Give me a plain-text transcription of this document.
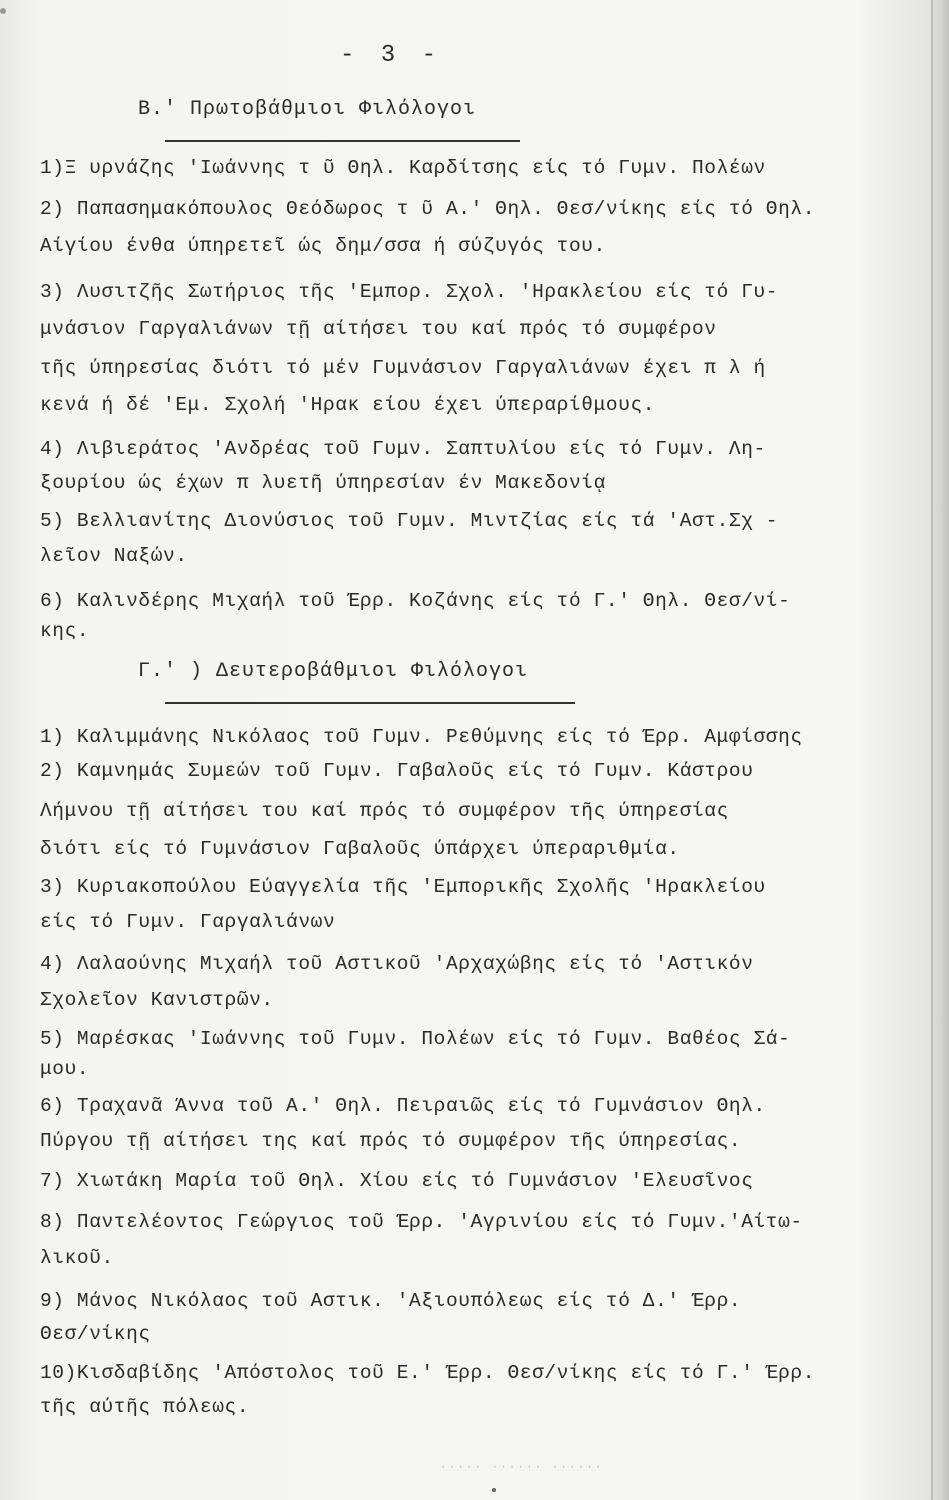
- 3 -
Β.' Πρωτοβάθμιοι Φιλόλογοι
1)Ξ υρνάζης 'Ιωάννης τ ῦ Θηλ. Καρδίτσης είς τό Γυμν. Πολέων
2) Παπασημακόπουλος Θεόδωρος τ ῦ Α.' Θηλ. Θεσ/νίκης είς τό Θηλ.
Αίγίου ένθα ύπηρετεῖ ώς δημ/σσα ή σύζυγός του.
3) Λυσιτζῆς Σωτήριος τῆς 'Εμπορ. Σχολ. 'Ηρακλείου είς τό Γυ-
μνάσιον Γαργαλιάνων τῇ αίτήσει του καί πρός τό συμφέρον
τῆς ύπηρεσίας διότι τό μέν Γυμνάσιον Γαργαλιάνων έχει π λ ή
κενά ή δέ 'Εμ. Σχολή 'Ηρακ είου έχει ύπεραρίθμους.
4) Λιβιεράτος 'Ανδρέας τοῦ Γυμν. Σαπτυλίου είς τό Γυμν. Λη-
ξουρίου ώς έχων π λυετῆ ύπηρεσίαν έν Μακεδονίᾳ
5) Βελλιανίτης Διονύσιος τοῦ Γυμν. Μιντζίας είς τά 'Αστ.Σχ -
λεῖον Ναξών.
6) Καλινδέρης Μιχαήλ τοῦ Έρρ. Κοζάνης είς τό Γ.' Θηλ. Θεσ/νί-
κης.
Γ.' ) Δευτεροβάθμιοι Φιλόλογοι
1) Καλιμμάνης Νικόλαος τοῦ Γυμν. Ρεθύμνης είς τό Έρρ. Αμφίσσης
2) Καμνημάς Συμεών τοῦ Γυμν. Γαβαλοῦς είς τό Γυμν. Κάστρου
Λήμνου τῇ αίτήσει του καί πρός τό συμφέρον τῆς ύπηρεσίας
διότι είς τό Γυμνάσιον Γαβαλοῦς ύπάρχει ύπεραριθμία.
3) Κυριακοπούλου Εύαγγελία τῆς 'Εμπορικῆς Σχολῆς 'Ηρακλείου
είς τό Γυμν. Γαργαλιάνων
4) Λαλαούνης Μιχαήλ τοῦ Αστικοῦ 'Αρχαχώβης είς τό 'Αστικόν
Σχολεῖον Κανιστρῶν.
5) Μαρέσκας 'Ιωάννης τοῦ Γυμν. Πολέων είς τό Γυμν. Βαθέος Σά-
μου.
6) Τραχανᾶ Άννα τοῦ Α.' Θηλ. Πειραιῶς είς τό Γυμνάσιον Θηλ.
Πύργου τῇ αίτήσει της καί πρός τό συμφέρον τῆς ύπηρεσίας.
7) Χιωτάκη Μαρία τοῦ Θηλ. Χίου είς τό Γυμνάσιον 'Ελευσῖνος
8) Παντελέοντος Γεώργιος τοῦ Έρρ. 'Αγρινίου είς τό Γυμν.'Αίτω-
λικοῦ.
9) Μάνος Νικόλαος τοῦ Αστικ. 'Αξιουπόλεως είς τό Δ.' Έρρ.
Θεσ/νίκης
10)Κισδαβίδης 'Απόστολος τοῦ Ε.' Έρρ. Θεσ/νίκης είς τό Γ.' Έρρ.
τῆς αύτῆς πόλεως.
····· ······ ······
